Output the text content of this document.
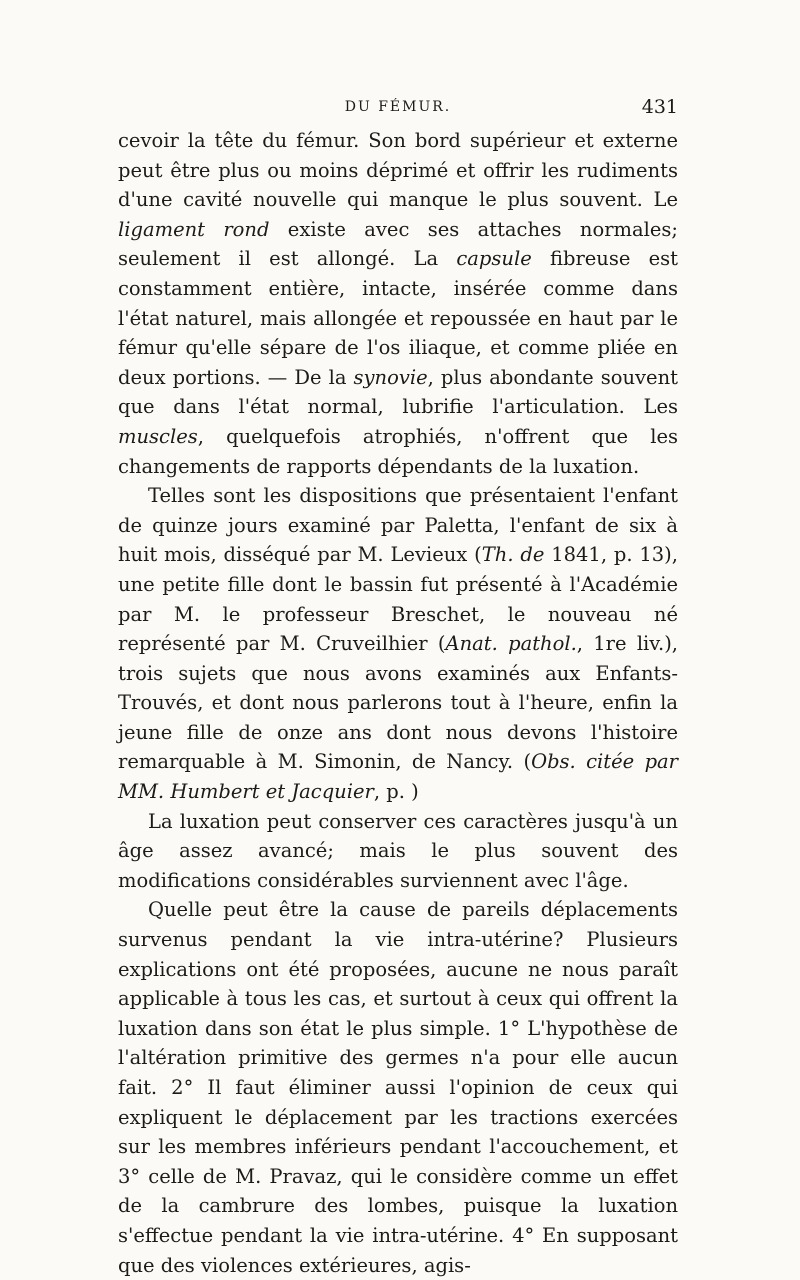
DU FÉMUR.	431

cevoir la tête du fémur. Son bord supérieur et externe peut être plus ou moins déprimé et offrir les rudiments d'une cavité nouvelle qui manque le plus souvent. Le ligament rond existe avec ses attaches normales; seulement il est allongé. La capsule fibreuse est constamment entière, intacte, insérée comme dans l'état naturel, mais allongée et repoussée en haut par le fémur qu'elle sépare de l'os iliaque, et comme pliée en deux portions. — De la synovie, plus abondante souvent que dans l'état normal, lubrifie l'articulation. Les muscles, quelquefois atrophiés, n'offrent que les changements de rapports dépendants de la luxation.

Telles sont les dispositions que présentaient l'enfant de quinze jours examiné par Paletta, l'enfant de six à huit mois, disséqué par M. Levieux (Th. de 1841, p. 13), une petite fille dont le bassin fut présenté à l'Académie par M. le professeur Breschet, le nouveau né représenté par M. Cruveilhier (Anat. pathol., 1re liv.), trois sujets que nous avons examinés aux Enfants-Trouvés, et dont nous parlerons tout à l'heure, enfin la jeune fille de onze ans dont nous devons l'histoire remarquable à M. Simonin, de Nancy. (Obs. citée par MM. Humbert et Jacquier, p. )

La luxation peut conserver ces caractères jusqu'à un âge assez avancé; mais le plus souvent des modifications considérables surviennent avec l'âge.

Quelle peut être la cause de pareils déplacements survenus pendant la vie intra-utérine? Plusieurs explications ont été proposées, aucune ne nous paraît applicable à tous les cas, et surtout à ceux qui offrent la luxation dans son état le plus simple. 1° L'hypothèse de l'altération primitive des germes n'a pour elle aucun fait. 2° Il faut éliminer aussi l'opinion de ceux qui expliquent le déplacement par les tractions exercées sur les membres inférieurs pendant l'accouchement, et 3° celle de M. Pravaz, qui le considère comme un effet de la cambrure des lombes, puisque la luxation s'effectue pendant la vie intra-utérine. 4° En supposant que des violences extérieures, agis-
